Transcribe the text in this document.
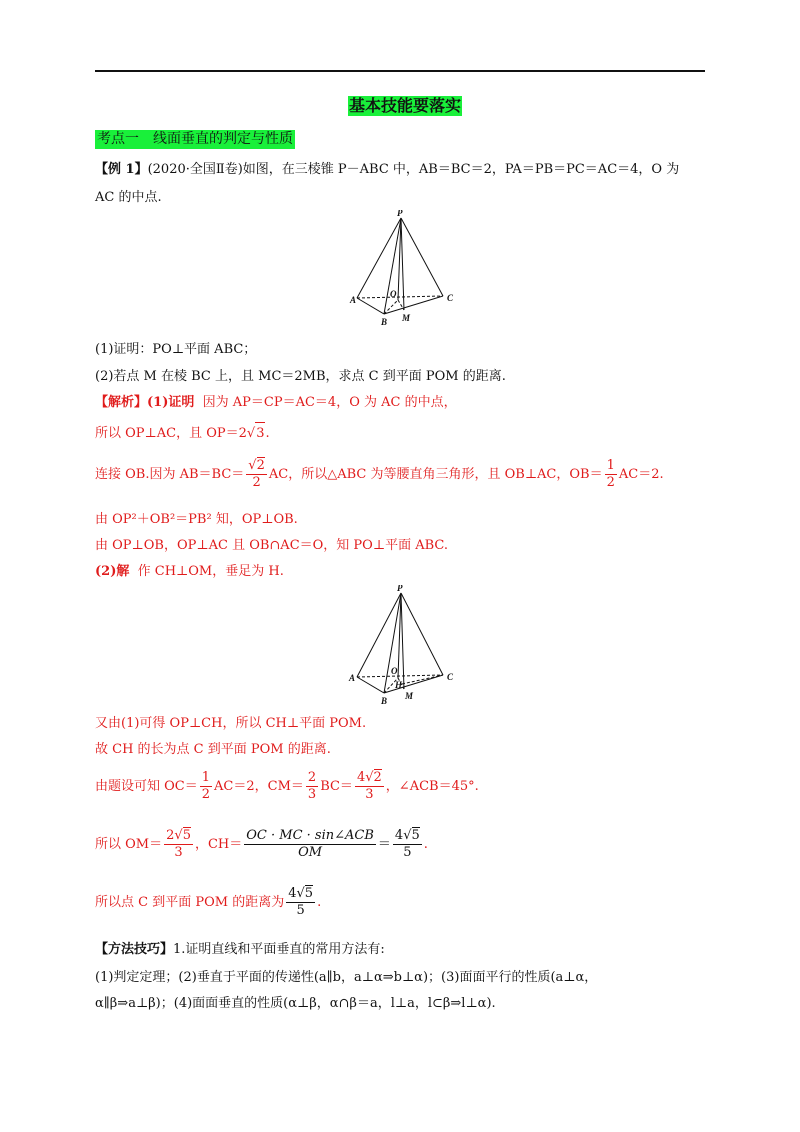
基本技能要落实
考点一　线面垂直的判定与性质
【例 1】(2020·全国Ⅱ卷)如图，在三棱锥 P－ABC 中，AB＝BC＝2，PA＝PB＝PC＝AC＝4，O 为
AC 的中点.
P
A
B
C
O
M
(1)证明：PO⊥平面 ABC；
(2)若点 M 在棱 BC 上，且 MC＝2MB，求点 C 到平面 POM 的距离.
【解析】(1)证明 因为 AP＝CP＝AC＝4，O 为 AC 的中点，
所以 OP⊥AC，且 OP＝2√ 3 .
连接 OB.因为 $AB=BC= \frac{√2}{2}$ AC，所以△ABC 为等腰直角三角形，且 OB⊥AC，$OB= \frac{1}{2} AC=2$.
由 OP²＋OB²＝PB² 知，OP⊥OB.
由 OP⊥OB，OP⊥AC 且 OB∩AC＝O，知 PO⊥平面 ABC.
(2)解 作 CH⊥OM，垂足为 H.
P
A
B
C
O
H
M
又由(1)可得 OP⊥CH，所以 CH⊥平面 POM.
故 CH 的长为点 C 到平面 POM 的距离.
由题设可知 $OC= \frac{1}{2} AC=2$，$CM= \frac{2}{3} BC= \frac{4√2}{3}$ ，∠ACB＝45°.
所以 $OM= \frac{2√5}{3}$ ，$CH= \frac{\text{OC · MC · sin∠ACB}}{OM} = \frac{4√5}{5}$ .
所以点 C 到平面 POM 的距离为 $\frac{4√5}{5}$ .
【方法技巧】1.证明直线和平面垂直的常用方法有:
(1)判定定理；(2)垂直于平面的传递性(a∥b，a⊥α⇒b⊥α)；(3)面面平行的性质(a⊥α，
α∥β⇒a⊥β)；(4)面面垂直的性质(α⊥β，α∩β＝a，l⊥a，l⊂β⇒l⊥α).
